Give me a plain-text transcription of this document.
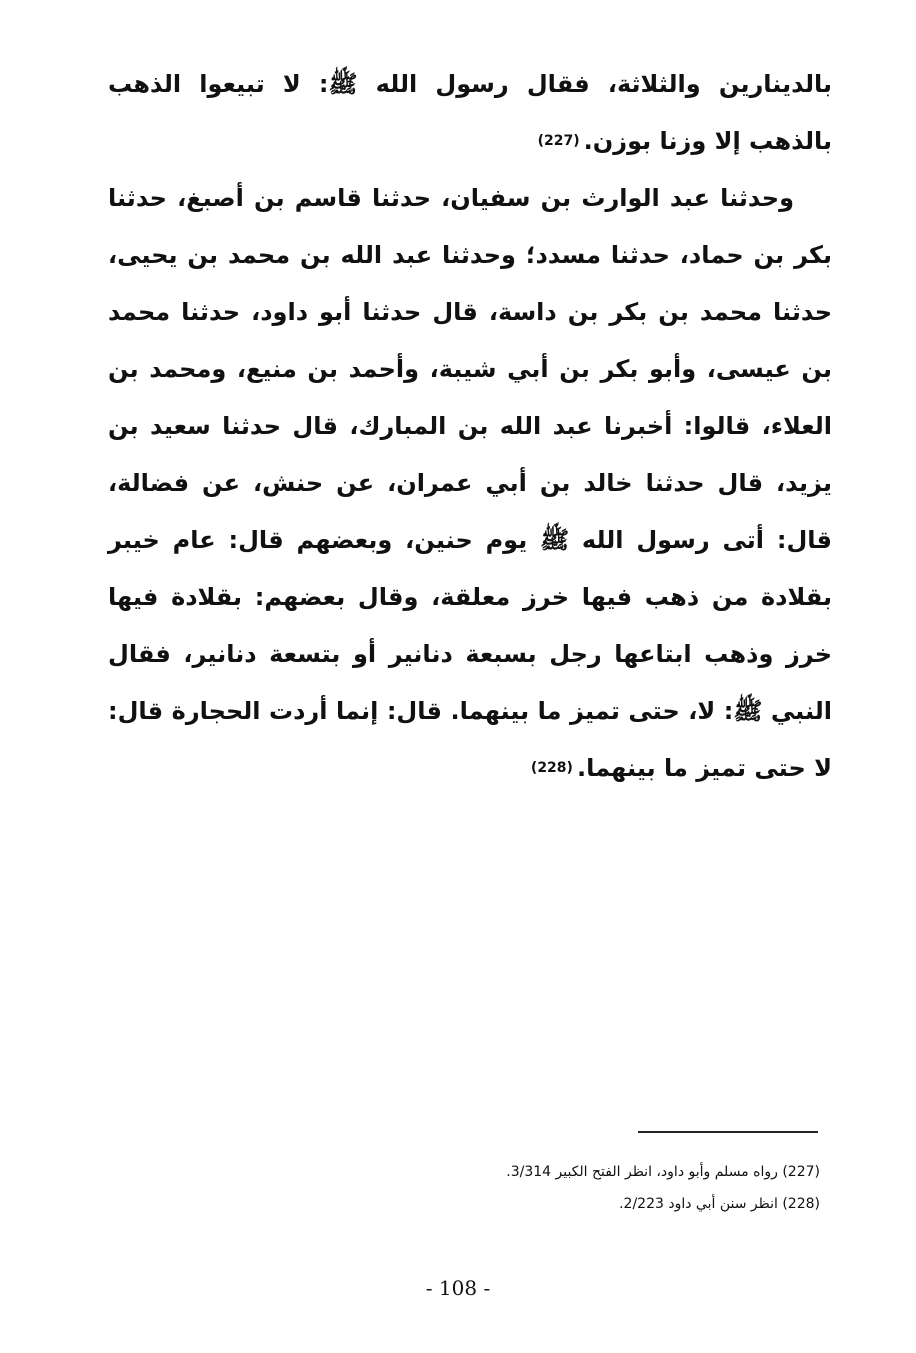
بالدينارين والثلاثة، فقال رسول الله ﷺ: لا تبيعوا الذهب بالذهب إلا وزنا بوزن.(227)

وحدثنا عبد الوارث بن سفيان، حدثنا قاسم بن أصبغ، حدثنا بكر بن حماد، حدثنا مسدد؛ وحدثنا عبد الله بن محمد بن يحيى، حدثنا محمد بن بكر بن داسة، قال حدثنا أبو داود، حدثنا محمد بن عيسى، وأبو بكر بن أبي شيبة، وأحمد بن منيع، ومحمد بن العلاء، قالوا: أخبرنا عبد الله بن المبارك، قال حدثنا سعيد بن يزيد، قال حدثنا خالد بن أبي عمران، عن حنش، عن فضالة، قال: أتى رسول الله ﷺ يوم حنين، وبعضهم قال: عام خيبر بقلادة من ذهب فيها خرز معلقة، وقال بعضهم: بقلادة فيها خرز وذهب ابتاعها رجل بسبعة دنانير أو بتسعة دنانير، فقال النبي ﷺ: لا، حتى تميز ما بينهما. قال: إنما أردت الحجارة قال: لا حتى تميز ما بينهما.(228)

(227) رواه مسلم وأبو داود، انظر الفتح الكبير 3/314.

(228) انظر سنن أبي داود 2/223.

- 108 -
